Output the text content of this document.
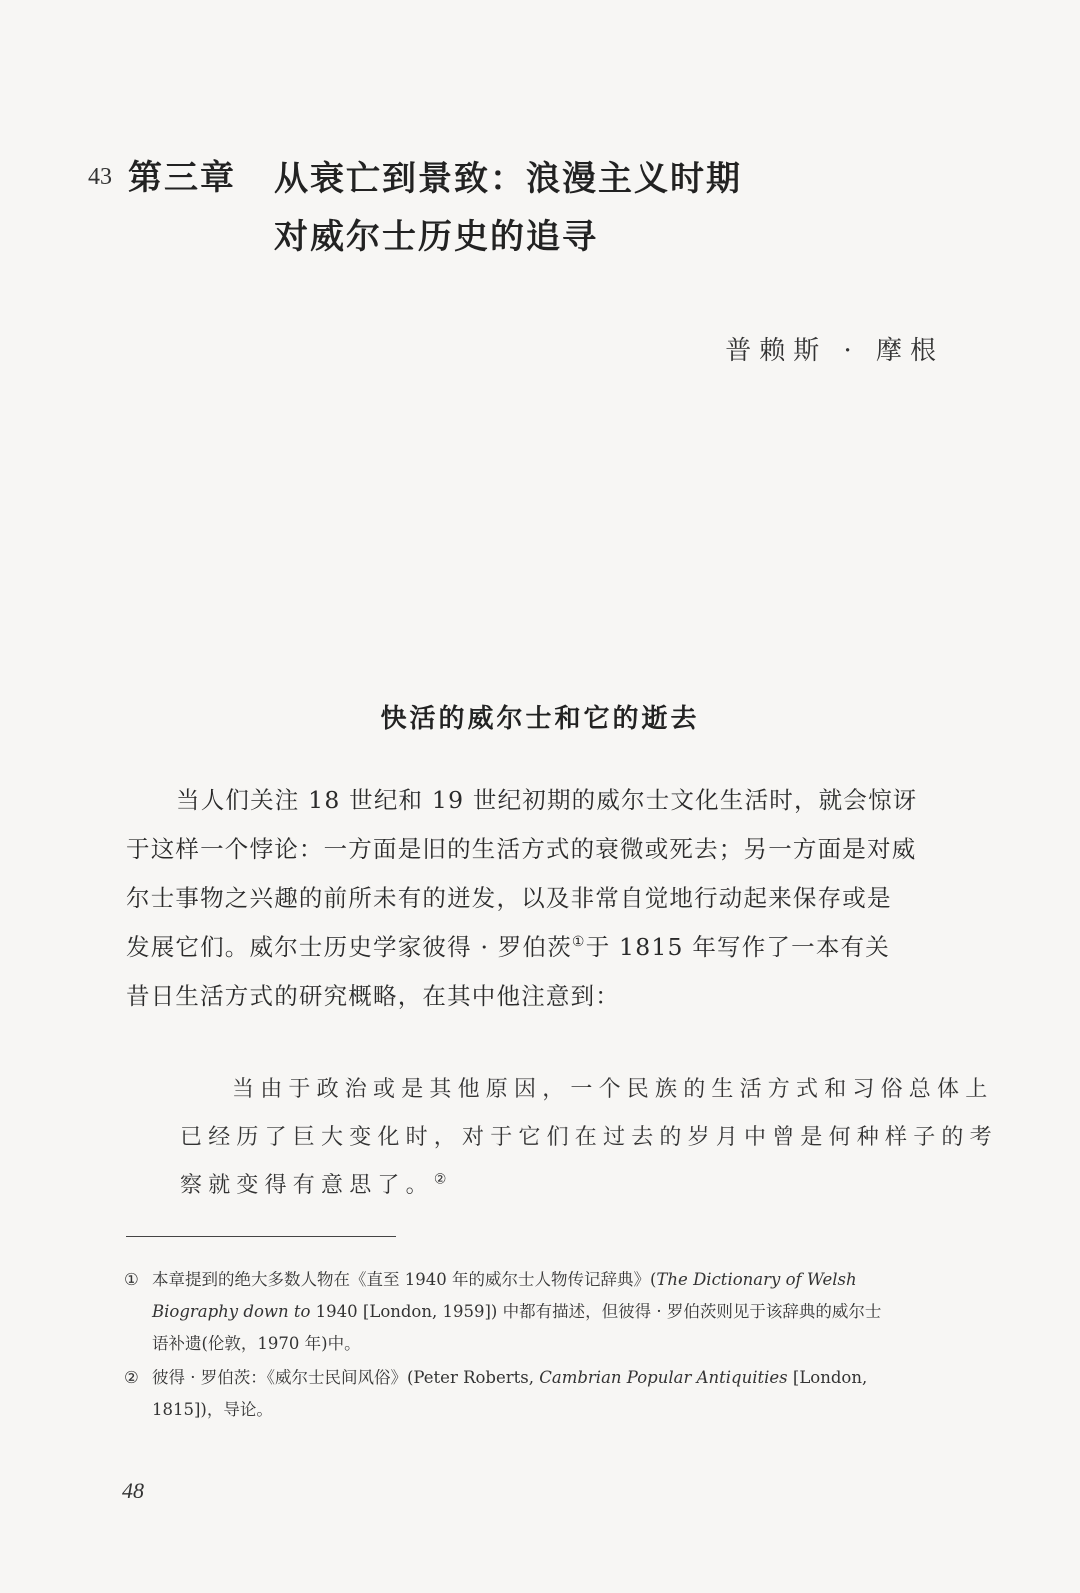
43 第三章 从衰亡到景致：浪漫主义时期
对威尔士历史的追寻
普赖斯 · 摩根
快活的威尔士和它的逝去
当人们关注 18 世纪和 19 世纪初期的威尔士文化生活时，就会惊讶
于这样一个悖论：一方面是旧的生活方式的衰微或死去；另一方面是对威
尔士事物之兴趣的前所未有的迸发，以及非常自觉地行动起来保存或是
发展它们。威尔士历史学家彼得 · 罗伯茨①于 1815 年写作了一本有关
昔日生活方式的研究概略，在其中他注意到：
当由于政治或是其他原因，一个民族的生活方式和习俗总体上
已经历了巨大变化时，对于它们在过去的岁月中曾是何种样子的考
察就变得有意思了。②
① 本章提到的绝大多数人物在《直至 1940 年的威尔士人物传记辞典》(The Dictionary of Welsh
Biography down to 1940 [London, 1959]) 中都有描述，但彼得 · 罗伯茨则见于该辞典的威尔士
语补遗(伦敦，1970 年)中。
② 彼得 · 罗伯茨：《威尔士民间风俗》(Peter Roberts, Cambrian Popular Antiquities [London,
1815])，导论。
48
